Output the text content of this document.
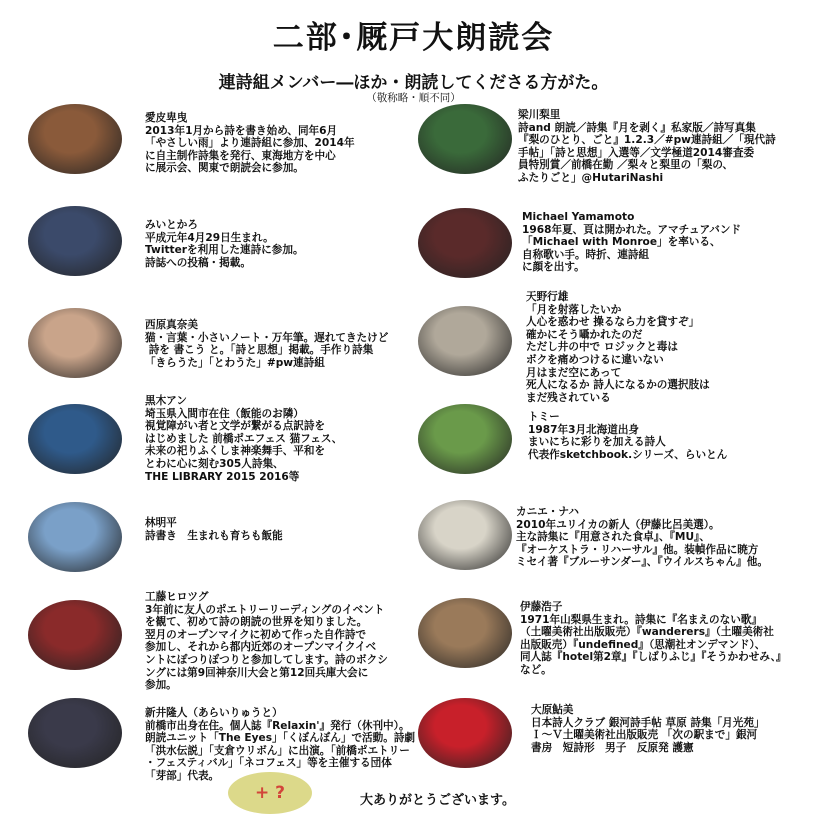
二部･厩戸大朗読会
連詩組メンバー―ほか・朗読してくださる方がた。
（敬称略・順不同）
愛皮卑曳
2013年1月から詩を書き始め、同年6月
「やさしい雨」より連詩組に参加、2014年
に自主制作詩集を発行、東海地方を中心
に展示会、関東で朗読会に参加。
みいとかろ
平成元年4月29日生まれ。
Twitterを利用した連詩に参加。
詩誌への投稿・掲載。
西原真奈美
猫・言葉・小さいノート・万年筆。遅れてきたけど
詩を 書こう と。「詩と思想」掲載。手作り詩集
「きらうた」「とわうた」#pw連詩組
黒木アン
埼玉県入間市在住（飯能のお隣）
視覚障がい者と文学が繋がる点訳詩を
はじめました 前橋ポエフェス 猫フェス、
未来の祀りふくしま神楽舞手、平和を
とわに心に刻む305人詩集、
THE LIBRARY 2015 2016等
林明平
詩書き　生まれも育ちも飯能
工藤ヒロツグ
3年前に友人のポエトリーリーディングのイベント
を観て、初めて詩の朗読の世界を知りました。
翌月のオープンマイクに初めて作った自作詩で
参加し、それから都内近郊のオープンマイクイベ
ントにぽつりぽつりと参加してします。詩のボクシ
ングには第9回神奈川大会と第12回兵庫大会に
参加。
新井隆人（あらいりゅうと）
前橋市出身在住。個人誌『Relaxin'』発行（休刊中）。
朗読ユニット「The Eyes」「くぼんぼん」で活動。詩劇
「洪水伝説」「支倉ウリボん」に出演。「前橋ポエトリー
・フェスティバル」「ネコフェス」等を主催する団体
「芽部」代表。
梁川梨里
詩and 朗読／詩集『月を剥く』私家版／詩写真集
『梨のひとり、ごと』1.2.3／#pw連詩組／「現代詩
手帖」「詩と思想」入選等／文学極道2014審査委
員特別賞／前橋在勤 ／梨々と梨里の「梨の、
ふたりごと」@HutariNashi
Michael Yamamoto
1968年夏、頁は開かれた。アマチュアバンド
「Michael with Monroe」を率いる、
自称歌い手。時折、連詩組
に顔を出す。
天野行雄
「月を射落したいか
人心を惑わせ 操るなら力を貸すぞ」
確かにそう囁かれたのだ
ただし井の中で ロジックと毒は
ボクを痛めつけるに違いない
月はまだ空にあって
死人になるか 詩人になるかの選択肢は
まだ残されている
トミー
1987年3月北海道出身
まいにちに彩りを加える詩人
代表作sketchbook.シリーズ、らいとん
カニエ・ナハ
2010年ユリイカの新人（伊藤比呂美選）。
主な詩集に『用意された食卓』、『MU』、
『オーケストラ・リハーサル』他。装幀作品に暁方
ミセイ著『ブルーサンダー』、『ウイルスちゃん』他。
伊藤浩子
1971年山梨県生まれ。詩集に『名まえのない歌』
（土曜美術社出版販売）『wanderers』（土曜美術社
出版販売）『undefined』（思潮社オンデマンド）、
同人誌『hotel第2章』『しばりふじ』『そうかわせみ、』
など。
大原鮎美
日本詩人クラブ 銀河詩手帖 草原 詩集「月光苑」
Ｉ～Ｖ土曜美術社出版販売 「次の駅まで」銀河
書房　短詩形　男子　反原発 護憲
+ ?	大ありがとうございます。
